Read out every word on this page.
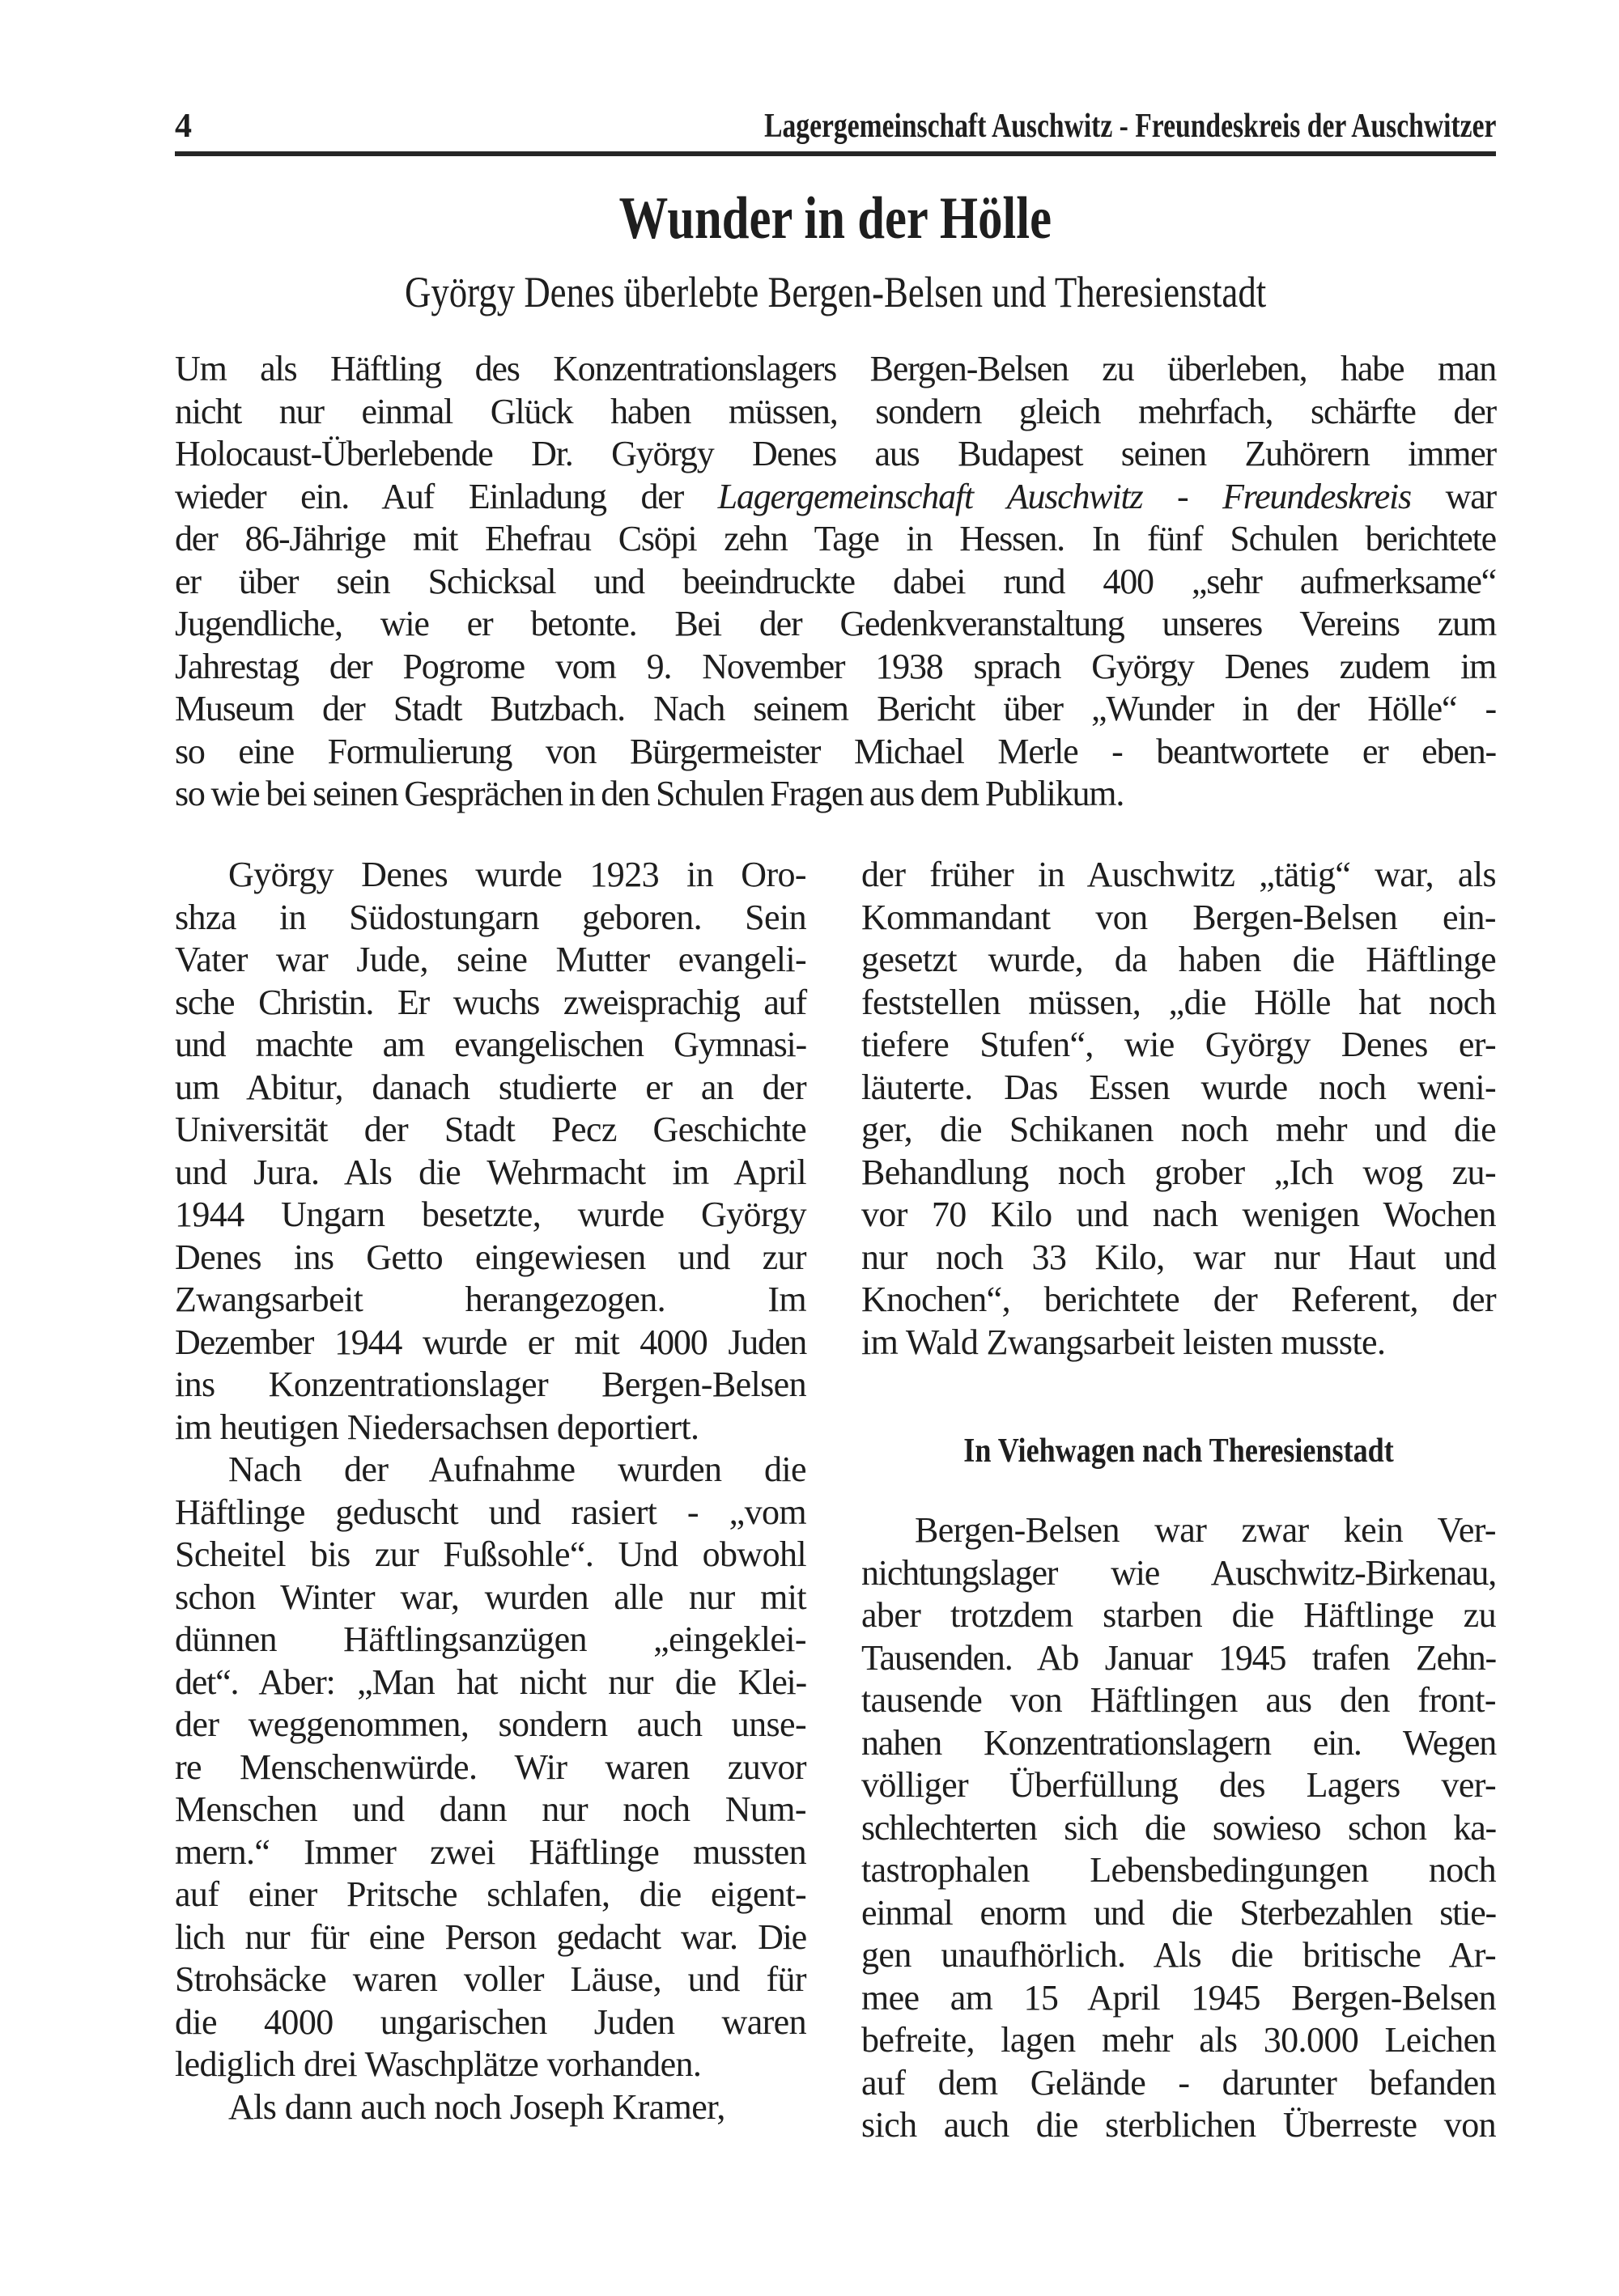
4	Lagergemeinschaft Auschwitz - Freundeskreis der Auschwitzer
Wunder in der Hölle
György Denes überlebte Bergen-Belsen und Theresienstadt
Um als Häftling des Konzentrationslagers Bergen-Belsen zu überleben, habe man
nicht nur einmal Glück haben müssen, sondern gleich mehrfach, schärfte der
Holocaust-Überlebende Dr. György Denes aus Budapest seinen Zuhörern immer
wieder ein. Auf Einladung der Lagergemeinschaft Auschwitz - Freundeskreis war
der 86-Jährige mit Ehefrau Csöpi zehn Tage in Hessen. In fünf Schulen berichtete
er über sein Schicksal und beeindruckte dabei rund 400 „sehr aufmerksame“
Jugendliche, wie er betonte. Bei der Gedenkveranstaltung unseres Vereins zum
Jahrestag der Pogrome vom 9. November 1938 sprach György Denes zudem im
Museum der Stadt Butzbach. Nach seinem Bericht über „Wunder in der Hölle“ -
so eine Formulierung von Bürgermeister Michael Merle - beantwortete er eben-
so wie bei seinen Gesprächen in den Schulen Fragen aus dem Publikum.
György Denes wurde 1923 in Oro-
shza in Südostungarn geboren. Sein
Vater war Jude, seine Mutter evangeli-
sche Christin. Er wuchs zweisprachig auf
und machte am evangelischen Gymnasi-
um Abitur, danach studierte er an der
Universität der Stadt Pecz Geschichte
und Jura. Als die Wehrmacht im April
1944 Ungarn besetzte, wurde György
Denes ins Getto eingewiesen und zur
Zwangsarbeit herangezogen. Im
Dezember 1944 wurde er mit 4000 Juden
ins Konzentrationslager Bergen-Belsen
im heutigen Niedersachsen deportiert.
Nach der Aufnahme wurden die
Häftlinge geduscht und rasiert - „vom
Scheitel bis zur Fußsohle“. Und obwohl
schon Winter war, wurden alle nur mit
dünnen Häftlingsanzügen „eingeklei-
det“. Aber: „Man hat nicht nur die Klei-
der weggenommen, sondern auch unse-
re Menschenwürde. Wir waren zuvor
Menschen und dann nur noch Num-
mern.“ Immer zwei Häftlinge mussten
auf einer Pritsche schlafen, die eigent-
lich nur für eine Person gedacht war. Die
Strohsäcke waren voller Läuse, und für
die 4000 ungarischen Juden waren
lediglich drei Waschplätze vorhanden.
Als dann auch noch Joseph Kramer,
der früher in Auschwitz „tätig“ war, als
Kommandant von Bergen-Belsen ein-
gesetzt wurde, da haben die Häftlinge
feststellen müssen, „die Hölle hat noch
tiefere Stufen“, wie György Denes er-
läuterte. Das Essen wurde noch weni-
ger, die Schikanen noch mehr und die
Behandlung noch grober „Ich wog zu-
vor 70 Kilo und nach wenigen Wochen
nur noch 33 Kilo, war nur Haut und
Knochen“, berichtete der Referent, der
im Wald Zwangsarbeit leisten musste.
In Viehwagen nach Theresienstadt
Bergen-Belsen war zwar kein Ver-
nichtungslager wie Auschwitz-Birkenau,
aber trotzdem starben die Häftlinge zu
Tausenden. Ab Januar 1945 trafen Zehn-
tausende von Häftlingen aus den front-
nahen Konzentrationslagern ein. Wegen
völliger Überfüllung des Lagers ver-
schlechterten sich die sowieso schon ka-
tastrophalen Lebensbedingungen noch
einmal enorm und die Sterbezahlen stie-
gen unaufhörlich. Als die britische Ar-
mee am 15 April 1945 Bergen-Belsen
befreite, lagen mehr als 30.000 Leichen
auf dem Gelände - darunter befanden
sich auch die sterblichen Überreste von
